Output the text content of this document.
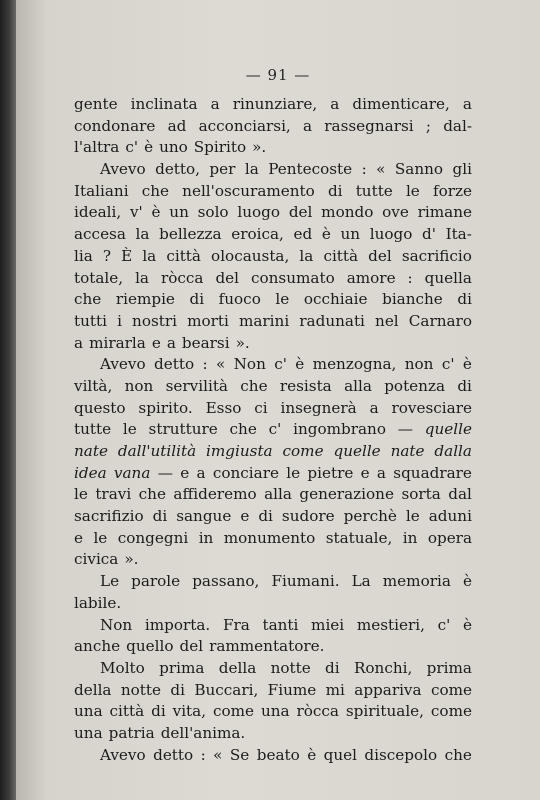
— 91 —
gente inclinata a rinunziare, a dimenticare, a
condonare ad acconciarsi, a rassegnarsi ; dal-
l'altra c' è uno Spirito ».
Avevo detto, per la Pentecoste : « Sanno gli
Italiani che nell'oscuramento di tutte le forze
ideali, v' è un solo luogo del mondo ove rimane
accesa la bellezza eroica, ed è un luogo d' Ita-
lia ? È la città olocausta, la città del sacrificio
totale, la ròcca del consumato amore : quella
che riempie di fuoco le occhiaie bianche di
tutti i nostri morti marini radunati nel Carnaro
a mirarla e a bearsi ».
Avevo detto : « Non c' è menzogna, non c' è
viltà, non servilità che resista alla potenza di
questo spirito. Esso ci insegnerà a rovesciare
tutte le strutture che c' ingombrano — quelle
nate dall'utilità imgiusta come quelle nate dalla
idea vana — e a conciare le pietre e a squadrare
le travi che affideremo alla generazione sorta dal
sacrifizio di sangue e di sudore perchè le aduni
e le congegni in monumento statuale, in opera
civica ».
Le parole passano, Fiumani. La memoria è
labile.
Non importa. Fra tanti miei mestieri, c' è
anche quello del rammentatore.
Molto prima della notte di Ronchi, prima
della notte di Buccari, Fiume mi appariva come
una città di vita, come una ròcca spirituale, come
una patria dell'anima.
Avevo detto : « Se beato è quel discepolo che
